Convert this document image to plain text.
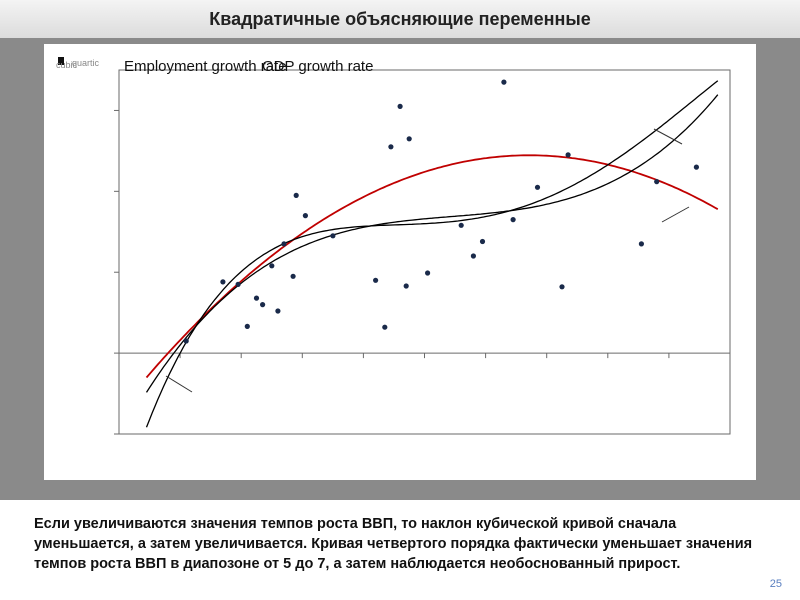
Квадратичные объясняющие переменные
cubic
quartic Employment growth rate
GDP growth rate
Если увеличиваются значения темпов роста ВВП, то наклон кубической кривой сначала уменьшается, а затем увеличивается. Кривая четвертого порядка фактически уменьшает значения темпов роста ВВП в диапозоне от 5 до 7, а затем наблюдается необоснованный прирост.
25
